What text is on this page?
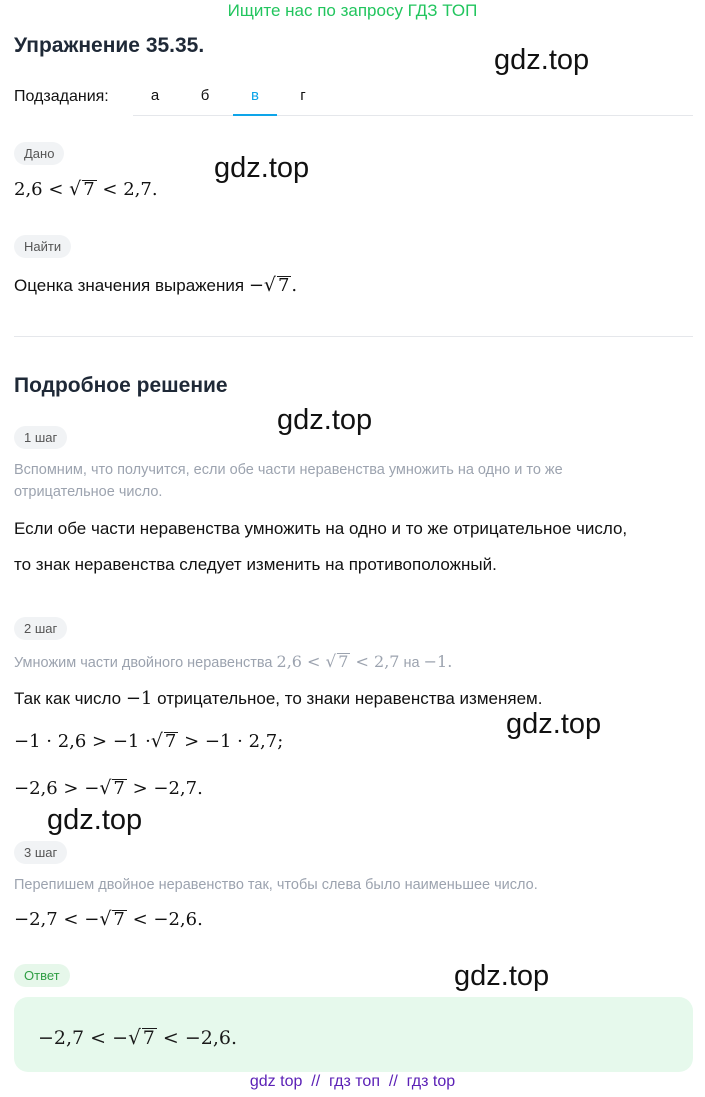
Ищите нас по запросу ГДЗ ТОП
Упражнение 35.35.	gdz.top
gdz.top
gdz.top
gdz.top
gdz.top
gdz.top
Подзадания:	а	б	в	г
Дано
2,6 < √ 7 < 2,7.
Найти
Оценка значения выражения −√ 7 .
Подробное решение
1 шаг
Вспомним, что получится, если обе части неравенства умножить на одно и то же
отрицательное число.
Если обе части неравенства умножить на одно и то же отрицательное число,
то знак неравенства следует изменить на противоположный.
2 шаг
Умножим части двойного неравенства 2,6 < √ 7 < 2,7 на −1.
Так как число −1 отрицательное, то знаки неравенства изменяем.
−1 · 2,6 > −1 ·√ 7 > −1 · 2,7;
−2,6 > −√ 7 > −2,7.
3 шаг
Перепишем двойное неравенство так, чтобы слева было наименьшее число.
−2,7 < −√ 7 < −2,6.
Ответ
−2,7 < −√ 7 < −2,6.
gdz top  //  гдз топ  //  гдз top
